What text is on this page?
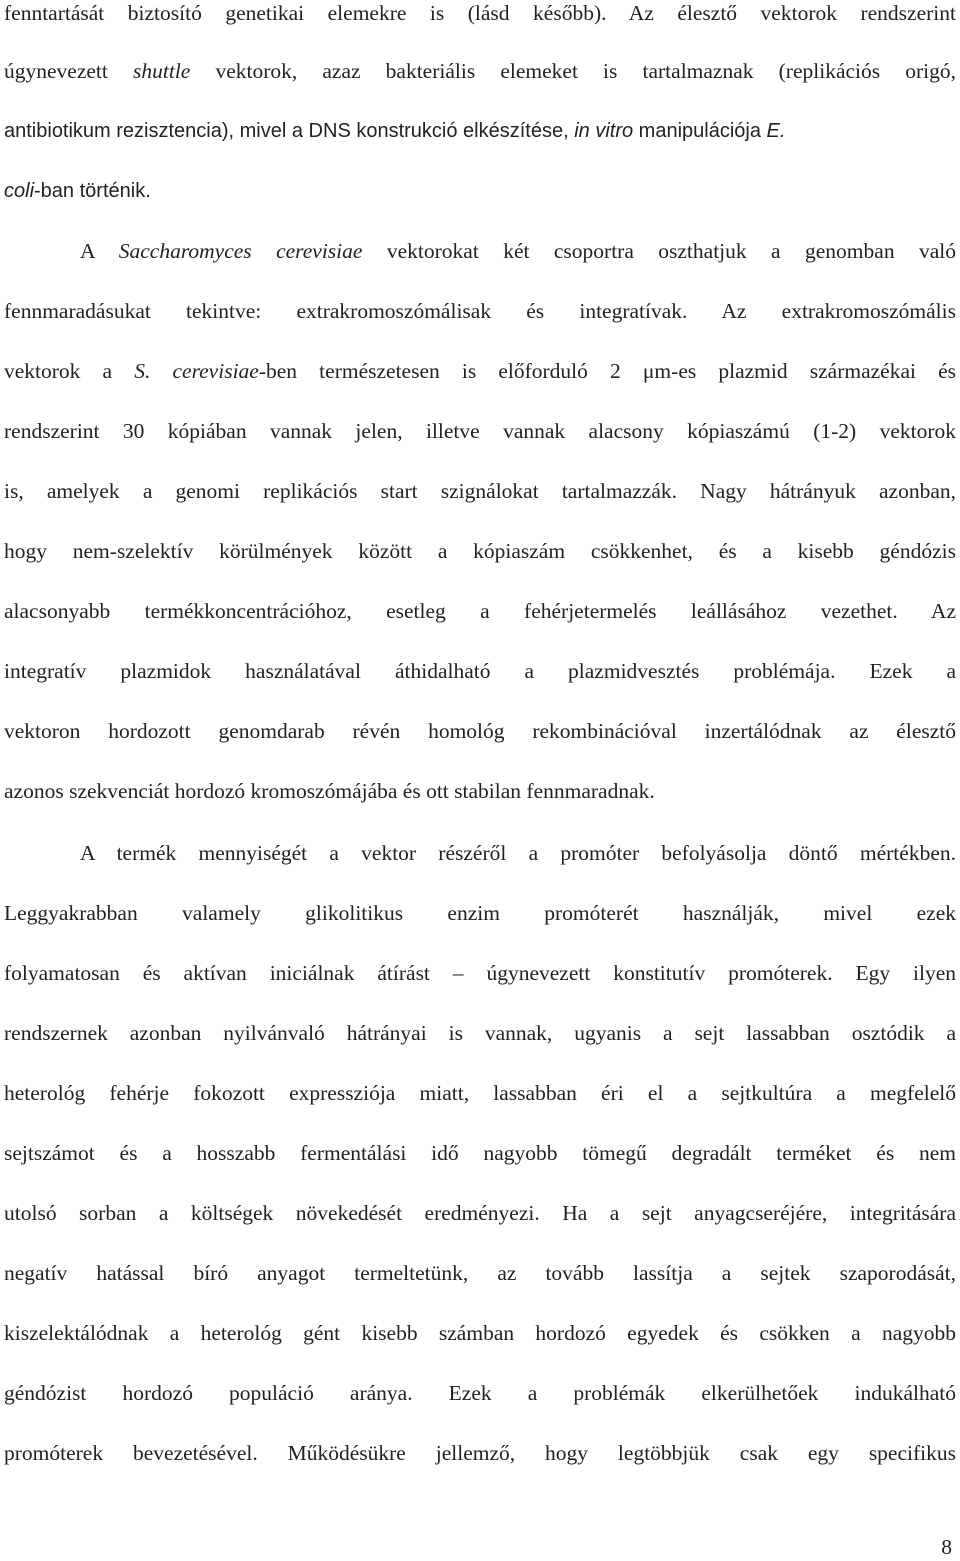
fenntartását biztosító genetikai elemekre is (lásd később). Az élesztő vektorok rendszerint
úgynevezett shuttle vektorok, azaz bakteriális elemeket is tartalmaznak (replikációs origó,
antibiotikum rezisztencia), mivel a DNS konstrukció elkészítése, in vitro manipulációja E.
coli-ban történik.
A Saccharomyces cerevisiae vektorokat két csoportra oszthatjuk a genomban való
fennmaradásukat tekintve: extrakromoszómálisak és integratívak. Az extrakromoszómális
vektorok a S. cerevisiae-ben természetesen is előforduló 2 μm-es plazmid származékai és
rendszerint 30 kópiában vannak jelen, illetve vannak alacsony kópiaszámú (1-2) vektorok
is, amelyek a genomi replikációs start szignálokat tartalmazzák. Nagy hátrányuk azonban,
hogy nem-szelektív körülmények között a kópiaszám csökkenhet, és a kisebb géndózis
alacsonyabb termékkoncentrációhoz, esetleg a fehérjetermelés leállásához vezethet. Az
integratív plazmidok használatával áthidalható a plazmidvesztés problémája. Ezek a
vektoron hordozott genomdarab révén homológ rekombinációval inzertálódnak az élesztő
azonos szekvenciát hordozó kromoszómájába és ott stabilan fennmaradnak.
A termék mennyiségét a vektor részéről a promóter befolyásolja döntő mértékben.
Leggyakrabban valamely glikolitikus enzim promóterét használják, mivel ezek
folyamatosan és aktívan iniciálnak átírást – úgynevezett konstitutív promóterek. Egy ilyen
rendszernek azonban nyilvánvaló hátrányai is vannak, ugyanis a sejt lassabban osztódik a
heterológ fehérje fokozott expressziója miatt, lassabban éri el a sejtkultúra a megfelelő
sejtszámot és a hosszabb fermentálási idő nagyobb tömegű degradált terméket és nem
utolsó sorban a költségek növekedését eredményezi. Ha a sejt anyagcseréjére, integritására
negatív hatással bíró anyagot termeltetünk, az tovább lassítja a sejtek szaporodását,
kiszelektálódnak a heterológ gént kisebb számban hordozó egyedek és csökken a nagyobb
géndózist hordozó populáció aránya. Ezek a problémák elkerülhetőek indukálható
promóterek bevezetésével. Működésükre jellemző, hogy legtöbbjük csak egy specifikus
8
